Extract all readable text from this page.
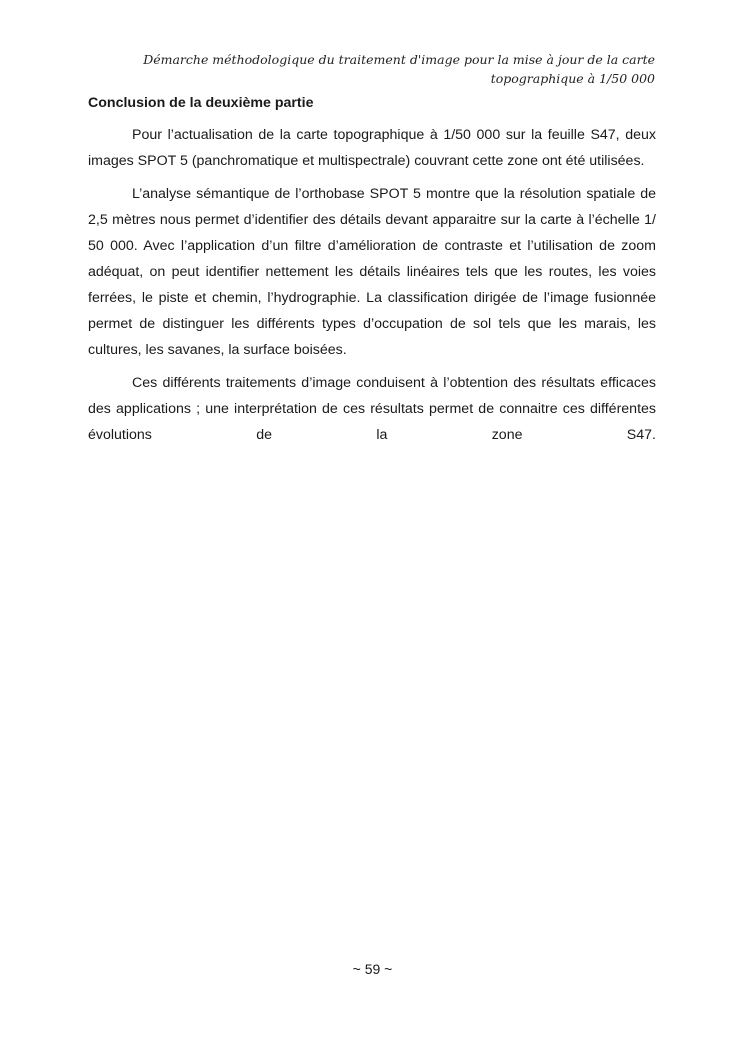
Démarche méthodologique du traitement d'image pour la mise à jour de la carte
topographique à 1/50 000
Conclusion de la deuxième partie

Pour l’actualisation de la carte topographique à 1/50 000 sur la feuille S47, deux images SPOT 5 (panchromatique et multispectrale) couvrant cette zone ont été utilisées.

L’analyse sémantique de l’orthobase SPOT 5 montre que la résolution spatiale de 2,5 mètres nous permet d’identifier des détails devant apparaitre sur la carte à l’échelle 1/ 50 000. Avec l’application d’un filtre d’amélioration de contraste et l’utilisation de zoom adéquat, on peut identifier nettement les détails linéaires tels que les routes, les voies ferrées, le piste et chemin, l’hydrographie. La classification dirigée de l’image fusionnée permet de distinguer les différents types d’occupation de sol tels que les marais, les cultures, les savanes, la surface boisées.

Ces différents traitements d’image conduisent à l’obtention des résultats efficaces des applications ; une interprétation de ces résultats permet de connaitre ces différentes évolutions de la zone S47.

~ 59 ~
